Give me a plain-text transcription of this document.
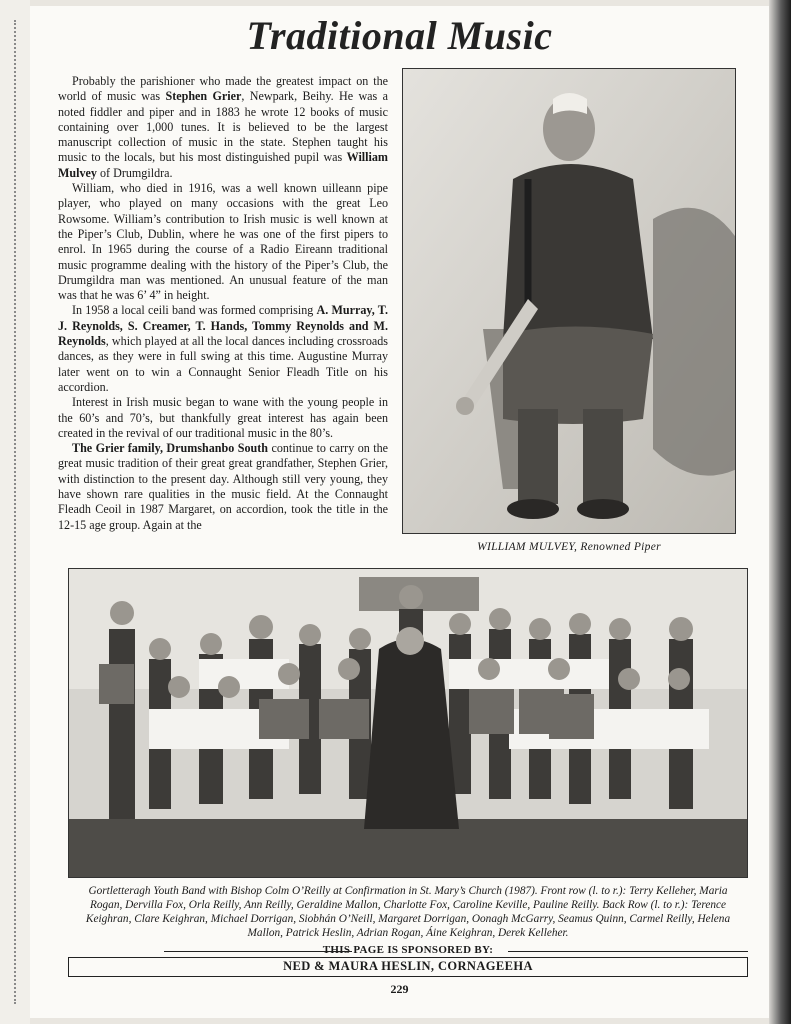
Traditional Music

Probably the parishioner who made the greatest impact on the world of music was Stephen Grier, Newpark, Beihy. He was a noted fiddler and piper and in 1883 he wrote 12 books of music containing over 1,000 tunes. It is believed to be the largest manuscript collection of music in the state. Stephen taught his music to the locals, but his most distinguished pupil was William Mulvey of Drumgildra.

William, who died in 1916, was a well known uilleann pipe player, who played on many occasions with the great Leo Rowsome. William’s contribution to Irish music is well known at the Piper’s Club, Dublin, where he was one of the first pipers to enrol. In 1965 during the course of a Radio Eireann traditional music programme dealing with the history of the Piper’s Club, the Drumgildra man was mentioned. An unusual feature of the man was that he was 6’ 4” in height.

In 1958 a local ceili band was formed comprising A. Murray, T. J. Reynolds, S. Creamer, T. Hands, Tommy Reynolds and M. Reynolds, which played at all the local dances including crossroads dances, as they were in full swing at this time. Augustine Murray later went on to win a Connaught Senior Fleadh Title on his accordion.

Interest in Irish music began to wane with the young people in the 60’s and 70’s, but thankfully great interest has again been created in the revival of our traditional music in the 80’s.

The Grier family, Drumshanbo South continue to carry on the great music tradition of their great great grandfather, Stephen Grier, with distinction to the present day. Although still very young, they have shown rare qualities in the music field. At the Connaught Fleadh Ceoil in 1987 Margaret, on accordion, took the title in the 12-15 age group. Again at the

WILLIAM MULVEY, Renowned Piper
Gortletteragh Youth Band with Bishop Colm O’Reilly at Confirmation in St. Mary’s Church (1987). Front row (l. to r.): Terry Kelleher, Maria Rogan, Dervilla Fox, Orla Reilly, Ann Reilly, Geraldine Mallon, Charlotte Fox, Caroline Keville, Pauline Reilly. Back Row (l. to r.): Terence Keighran, Clare Keighran, Michael Dorrigan, Siobhán O’Neill, Margaret Dorrigan, Oonagh McGarry, Seamus Quinn, Carmel Reilly, Helena Mallon, Patrick Heslin, Adrian Rogan, Áine Keighran, Derek Kelleher.
THIS PAGE IS SPONSORED BY:
NED & MAURA HESLIN, CORNAGEEHA
229
